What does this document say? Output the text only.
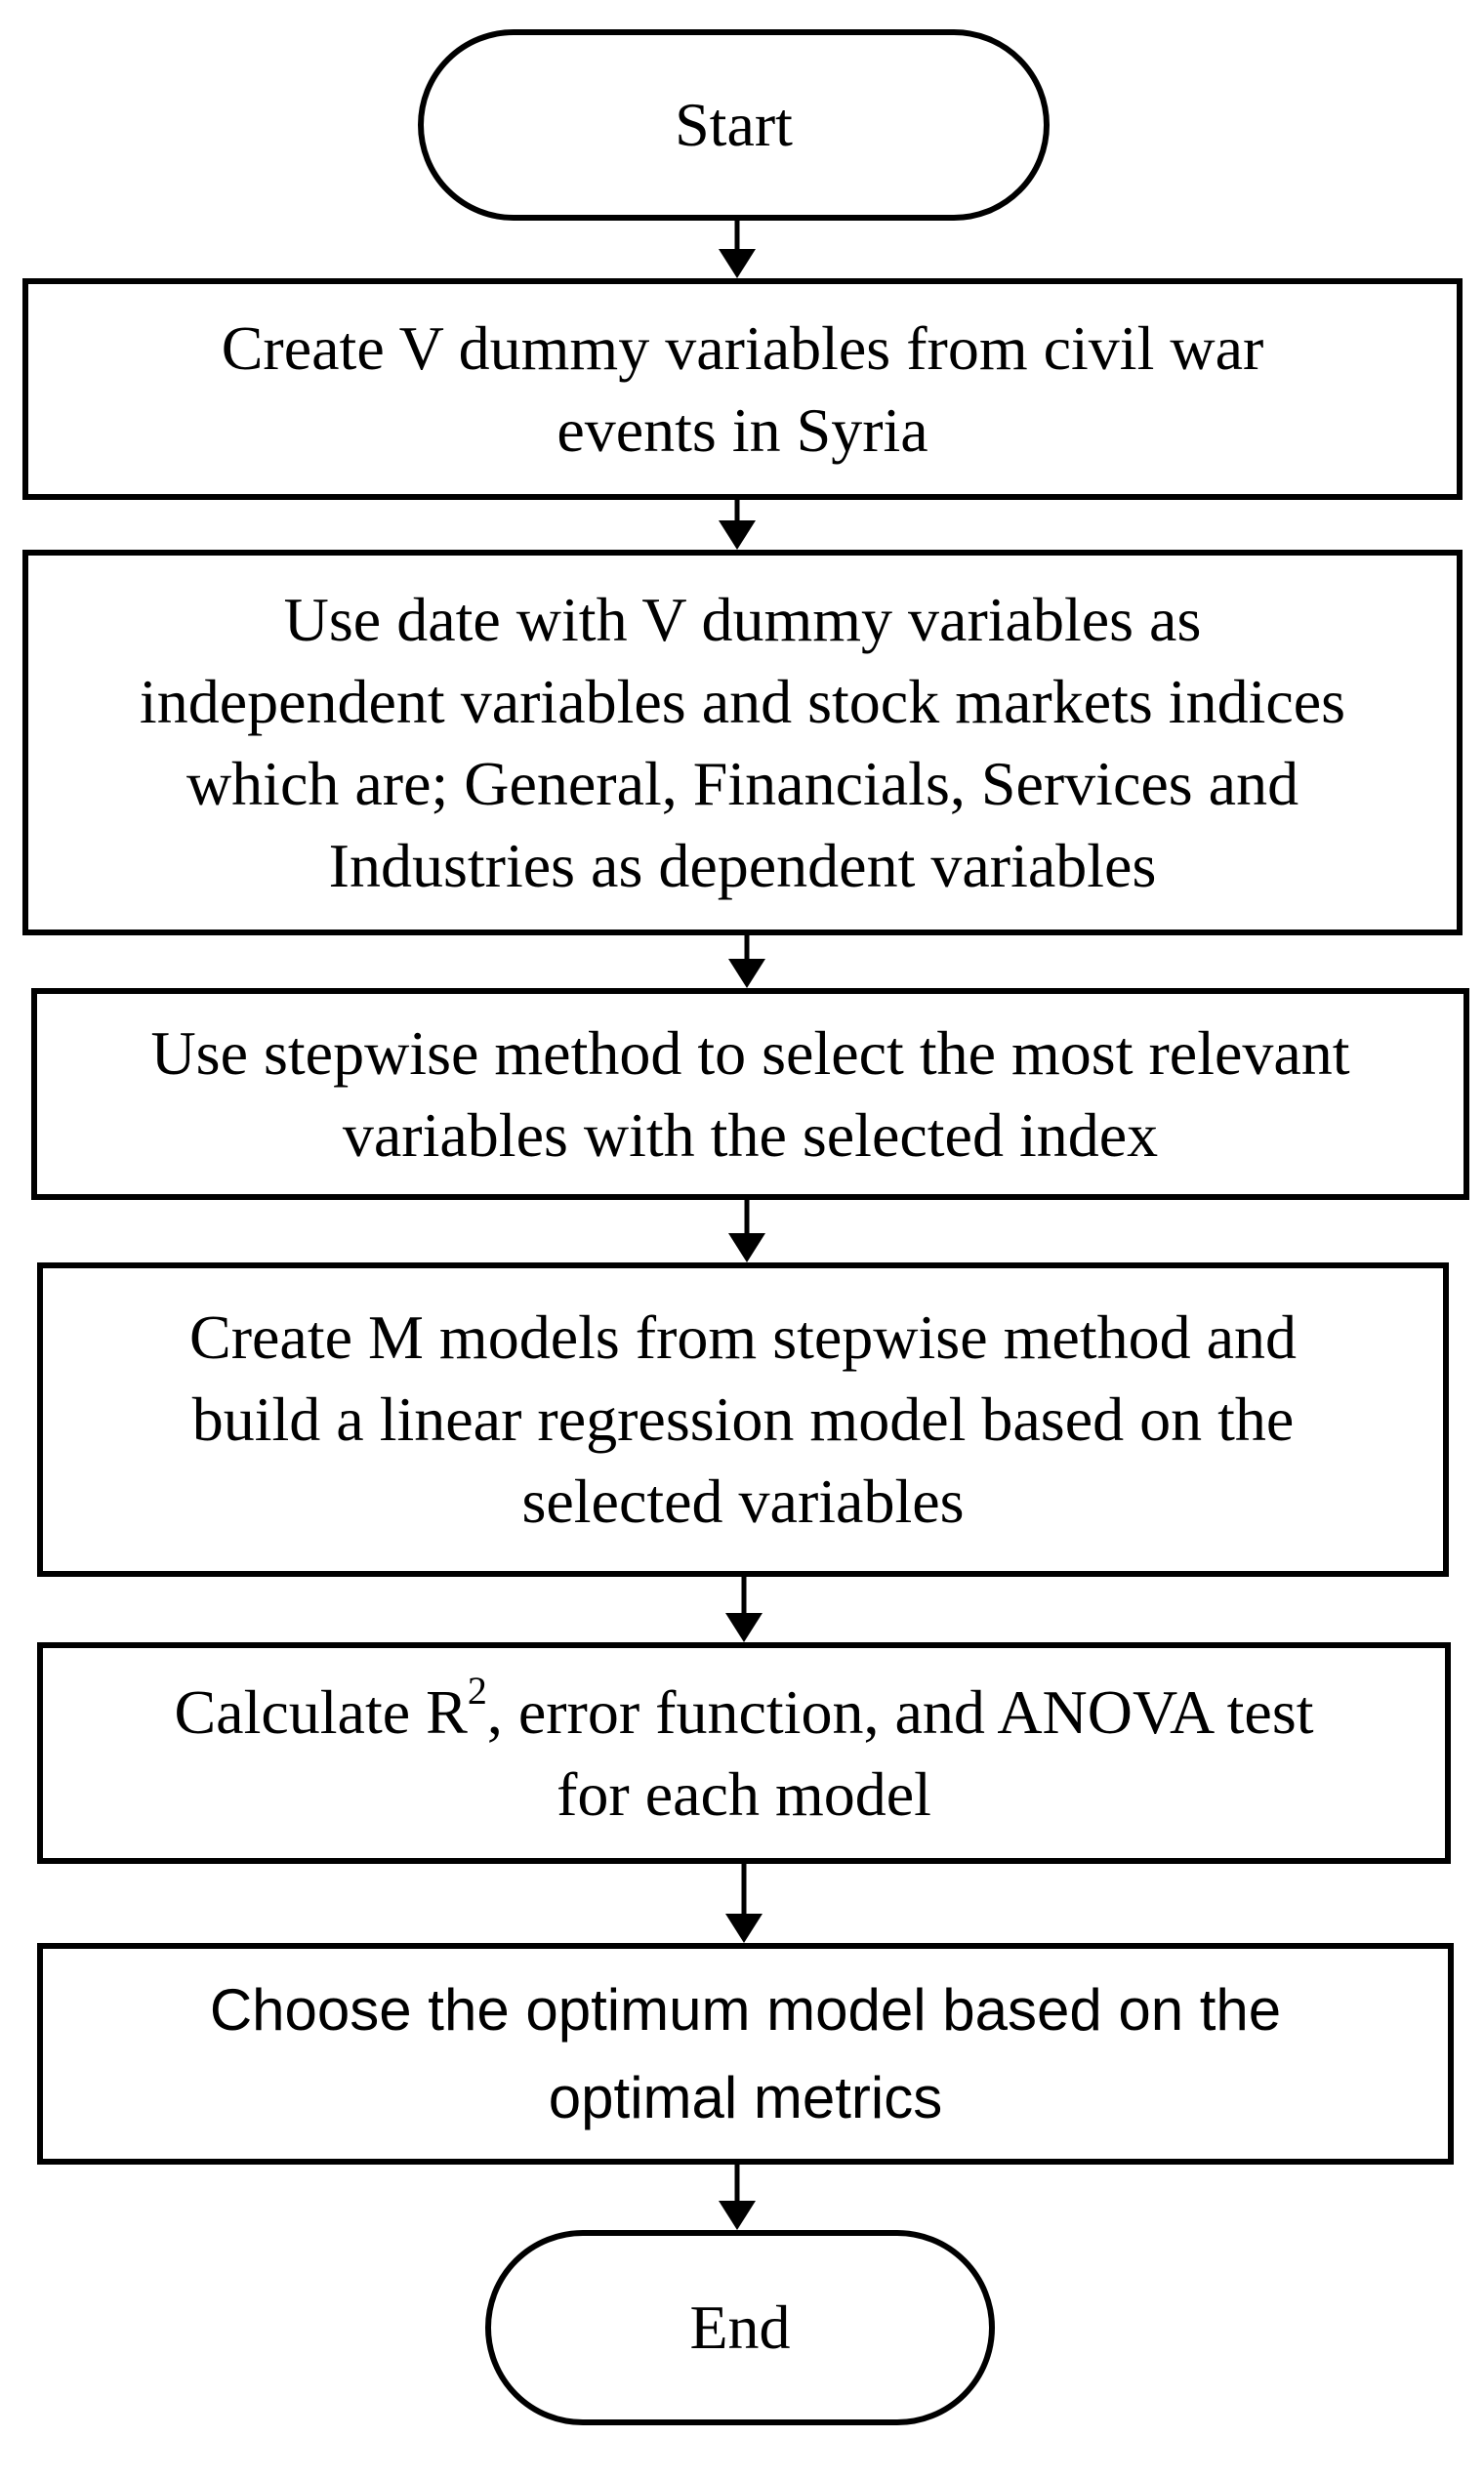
Start
Create V dummy variables from civil war
events in Syria
Use date with V dummy variables as
independent variables and stock markets indices
which are; General, Financials, Services and
Industries as dependent variables
Use stepwise method to select the most relevant
variables with the selected index
Create M models from stepwise method and
build a linear regression model based on the
selected variables
Calculate $R^2$, error function, and ANOVA test
for each model
Choose the optimum model based on the
optimal metrics
End
